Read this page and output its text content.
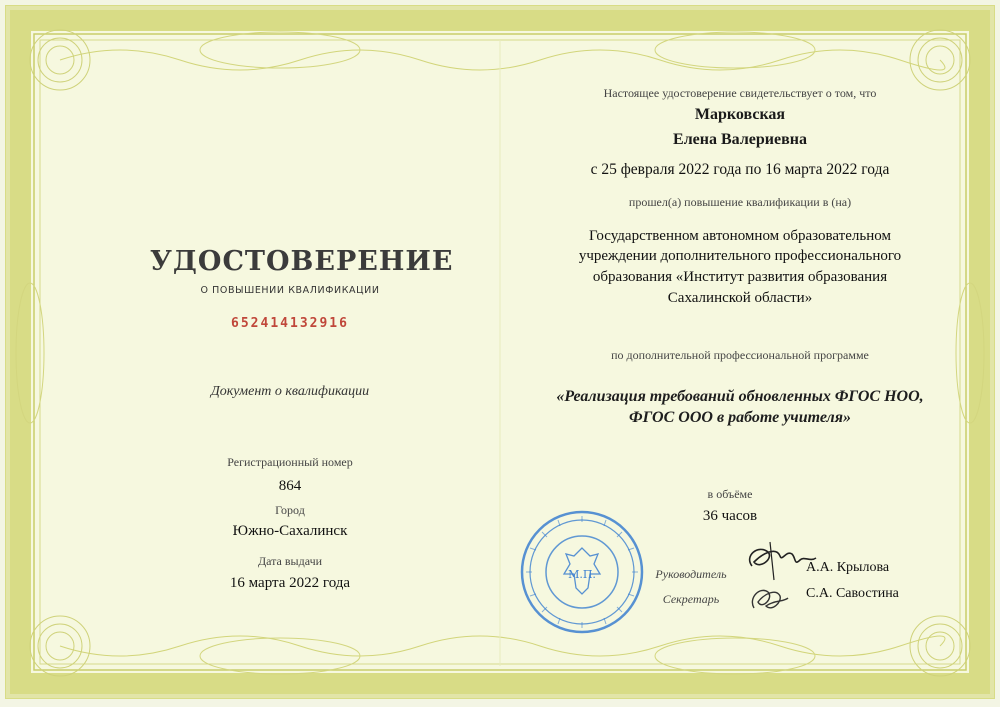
УДОСТОВЕРЕНИЕ
О ПОВЫШЕНИИ КВАЛИФИКАЦИИ
652414132916
Документ о квалификации
Регистрационный номер
864
Город
Южно-Сахалинск
Дата выдачи
16 марта 2022 года
Настоящее удостоверение свидетельствует о том, что
Марковская
Елена Валериевна
с 25 февраля 2022 года по 16 марта 2022 года
прошел(а) повышение квалификации в (на)
Государственном автономном образовательном
учреждении дополнительного профессионального
образования «Институт развития образования
Сахалинской области»
по дополнительной профессиональной программе
«Реализация требований обновленных ФГОС НОО,
ФГОС ООО в работе учителя»
в объёме
36 часов
М.П.	Руководитель
Секретарь
А.А. Крылова
С.А. Савостина
